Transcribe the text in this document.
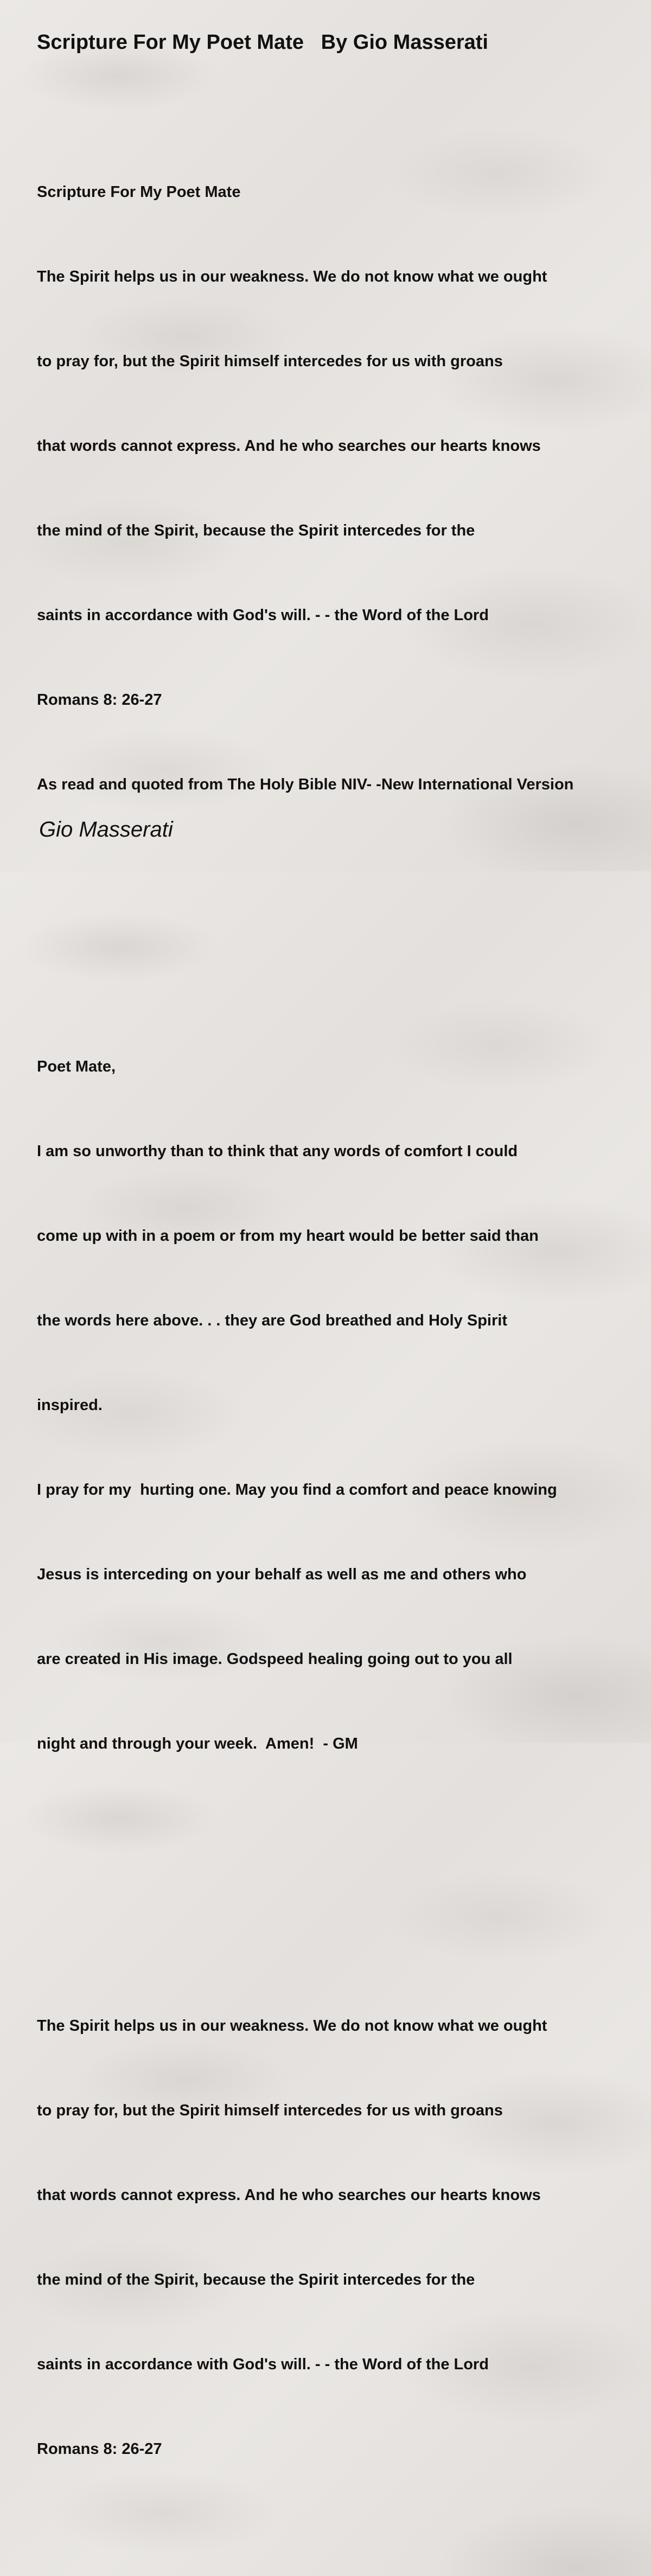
Scripture For My Poet Mate   By Gio Masserati

Scripture For My Poet Mate

The Spirit helps us in our weakness. We do not know what we ought

to pray for, but the Spirit himself intercedes for us with groans

that words cannot express. And he who searches our hearts knows

the mind of the Spirit, because the Spirit intercedes for the

saints in accordance with God's will. - - the Word of the Lord

Romans 8: 26-27

As read and quoted from The Holy Bible NIV- -New International Version

Poet Mate,

I am so unworthy than to think that any words of comfort I could

come up with in a poem or from my heart would be better said than

the words here above. . . they are God breathed and Holy Spirit

inspired.

I pray for my  hurting one. May you find a comfort and peace knowing

Jesus is interceding on your behalf as well as me and others who

are created in His image. Godspeed healing going out to you all

night and through your week.  Amen!  - GM

The Spirit helps us in our weakness. We do not know what we ought

to pray for, but the Spirit himself intercedes for us with groans

that words cannot express. And he who searches our hearts knows

the mind of the Spirit, because the Spirit intercedes for the

saints in accordance with God's will. - - the Word of the Lord

Romans 8: 26-27

Gio Masserati
